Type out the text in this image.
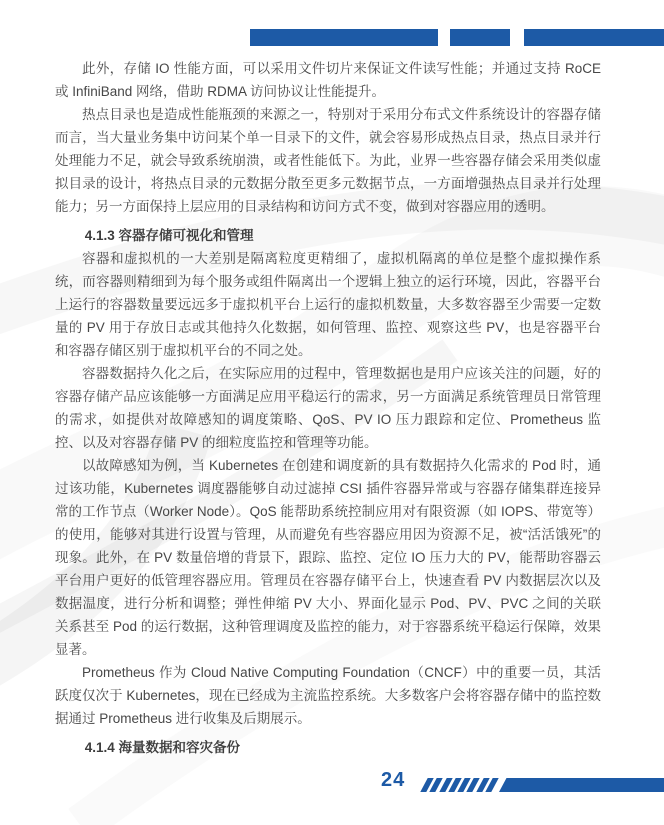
此外，存储 IO 性能方面，可以采用文件切片来保证文件读写性能；并通过支持 RoCE 或 InfiniBand 网络，借助 RDMA 访问协议让性能提升。

热点目录也是造成性能瓶颈的来源之一，特别对于采用分布式文件系统设计的容器存储而言，当大量业务集中访问某个单一目录下的文件，就会容易形成热点目录，热点目录并行处理能力不足，就会导致系统崩溃，或者性能低下。为此，业界一些容器存储会采用类似虚拟目录的设计，将热点目录的元数据分散至更多元数据节点，一方面增强热点目录并行处理能力；另一方面保持上层应用的目录结构和访问方式不变，做到对容器应用的透明。

4.1.3 容器存储可视化和管理

容器和虚拟机的一大差别是隔离粒度更精细了，虚拟机隔离的单位是整个虚拟操作系统，而容器则精细到为每个服务或组件隔离出一个逻辑上独立的运行环境，因此，容器平台上运行的容器数量要远远多于虚拟机平台上运行的虚拟机数量，大多数容器至少需要一定数量的 PV 用于存放日志或其他持久化数据，如何管理、监控、观察这些 PV，也是容器平台和容器存储区别于虚拟机平台的不同之处。

容器数据持久化之后，在实际应用的过程中，管理数据也是用户应该关注的问题，好的容器存储产品应该能够一方面满足应用平稳运行的需求，另一方面满足系统管理员日常管理的需求，如提供对故障感知的调度策略、QoS、PV IO 压力跟踪和定位、Prometheus 监控、以及对容器存储 PV 的细粒度监控和管理等功能。

以故障感知为例，当 Kubernetes 在创建和调度新的具有数据持久化需求的 Pod 时，通过该功能，Kubernetes 调度器能够自动过滤掉 CSI 插件容器异常或与容器存储集群连接异常的工作节点（Worker Node）。QoS 能帮助系统控制应用对有限资源（如 IOPS、带宽等）的使用，能够对其进行设置与管理，从而避免有些容器应用因为资源不足，被“活活饿死”的现象。此外，在 PV 数量倍增的背景下，跟踪、监控、定位 IO 压力大的 PV，能帮助容器云平台用户更好的低管理容器应用。管理员在容器存储平台上，快速查看 PV 内数据层次以及数据温度，进行分析和调整；弹性伸缩 PV 大小、界面化显示 Pod、PV、PVC 之间的关联关系甚至 Pod 的运行数据，这种管理调度及监控的能力，对于容器系统平稳运行保障，效果显著。

Prometheus 作为 Cloud Native Computing Foundation（CNCF）中的重要一员，其活跃度仅次于 Kubernetes，现在已经成为主流监控系统。大多数客户会将容器存储中的监控数据通过 Prometheus 进行收集及后期展示。

4.1.4 海量数据和容灾备份
24
